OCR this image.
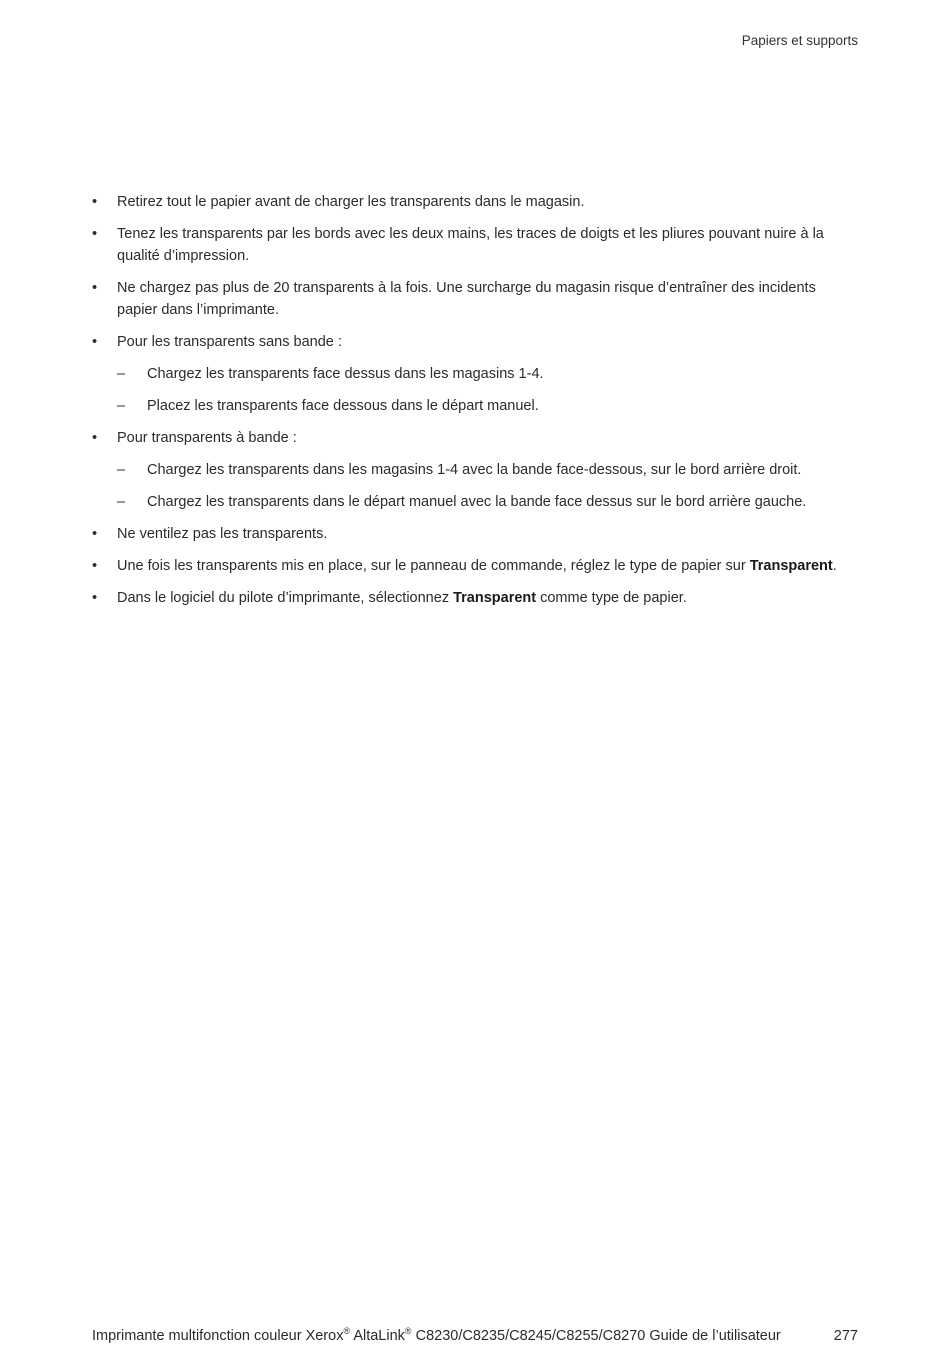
Papiers et supports
•	Retirez tout le papier avant de charger les transparents dans le magasin.
•	Tenez les transparents par les bords avec les deux mains, les traces de doigts et les pliures pouvant nuire à la qualité d’impression.
•	Ne chargez pas plus de 20 transparents à la fois. Une surcharge du magasin risque d’entraîner des incidents papier dans l’imprimante.
•	Pour les transparents sans bande :
– Chargez les transparents face dessus dans les magasins 1-4.
– Placez les transparents face dessous dans le départ manuel.
•	Pour transparents à bande :
– Chargez les transparents dans les magasins 1-4 avec la bande face-dessous, sur le bord arrière droit.
– Chargez les transparents dans le départ manuel avec la bande face dessus sur le bord arrière gauche.
•	Ne ventilez pas les transparents.
•	Une fois les transparents mis en place, sur le panneau de commande, réglez le type de papier sur Transparent.
•	Dans le logiciel du pilote d’imprimante, sélectionnez Transparent comme type de papier.
Imprimante multifonction couleur Xerox® AltaLink® C8230/C8235/C8245/C8255/C8270 Guide de l’utilisateur	277
